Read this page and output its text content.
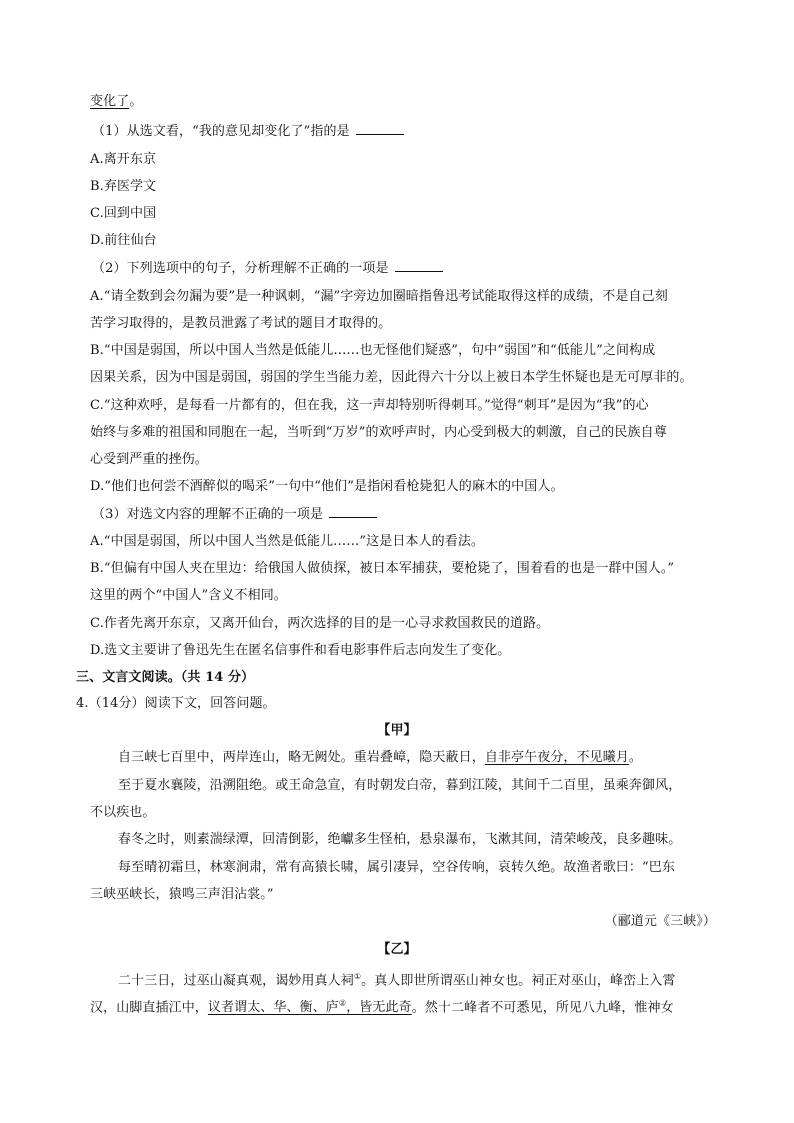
变化了。
（1）从选文看，“我的意见却变化了”指的是
A.离开东京
B.弃医学文
C.回到中国
D.前往仙台
（2）下列选项中的句子，分析理解不正确的一项是
A.“请全数到会勿漏为要”是一种讽刺，“漏”字旁边加圈暗指鲁迅考试能取得这样的成绩，不是自己刻
苦学习取得的，是教员泄露了考试的题目才取得的。
B.“中国是弱国，所以中国人当然是低能儿……也无怪他们疑惑”，句中“弱国”和“低能儿”之间构成
因果关系，因为中国是弱国，弱国的学生当能力差，因此得六十分以上被日本学生怀疑也是无可厚非的。
C.“这种欢呼，是每看一片都有的，但在我，这一声却特别听得刺耳。”觉得“刺耳”是因为“我”的心
始终与多难的祖国和同胞在一起，当听到“万岁”的欢呼声时，内心受到极大的刺激，自己的民族自尊
心受到严重的挫伤。
D.“他们也何尝不酒醉似的喝采”一句中“他们”是指闲看枪毙犯人的麻木的中国人。
（3）对选文内容的理解不正确的一项是
A.“中国是弱国，所以中国人当然是低能儿……”这是日本人的看法。
B.“但偏有中国人夹在里边：给俄国人做侦探，被日本军捕获，要枪毙了，围着看的也是一群中国人。”
这里的两个“中国人”含义不相同。
C.作者先离开东京，又离开仙台，两次选择的目的是一心寻求救国救民的道路。
D.选文主要讲了鲁迅先生在匿名信事件和看电影事件后志向发生了变化。
三、文言文阅读。（共 14 分）
4.（14分）阅读下文，回答问题。
【甲】
自三峡七百里中，两岸连山，略无阙处。重岩叠嶂，隐天蔽日，自非亭午夜分，不见曦月。
至于夏水襄陵，沿溯阻绝。或王命急宣，有时朝发白帝，暮到江陵，其间千二百里，虽乘奔御风，
不以疾也。
春冬之时，则素湍绿潭，回清倒影，绝巘多生怪柏，悬泉瀑布，飞漱其间，清荣峻茂，良多趣味。
每至晴初霜旦，林寒涧肃，常有高猿长啸，属引凄异，空谷传响，哀转久绝。故渔者歌曰：“巴东
三峡巫峡长，猿鸣三声泪沾裳。”
（郦道元《三峡》）
【乙】
二十三日，过巫山凝真观，谒妙用真人祠①。真人即世所谓巫山神女也。祠正对巫山，峰峦上入霄
汉，山脚直插江中，议者谓太、华、衡、庐②，皆无此奇。然十二峰者不可悉见，所见八九峰，惟神女
